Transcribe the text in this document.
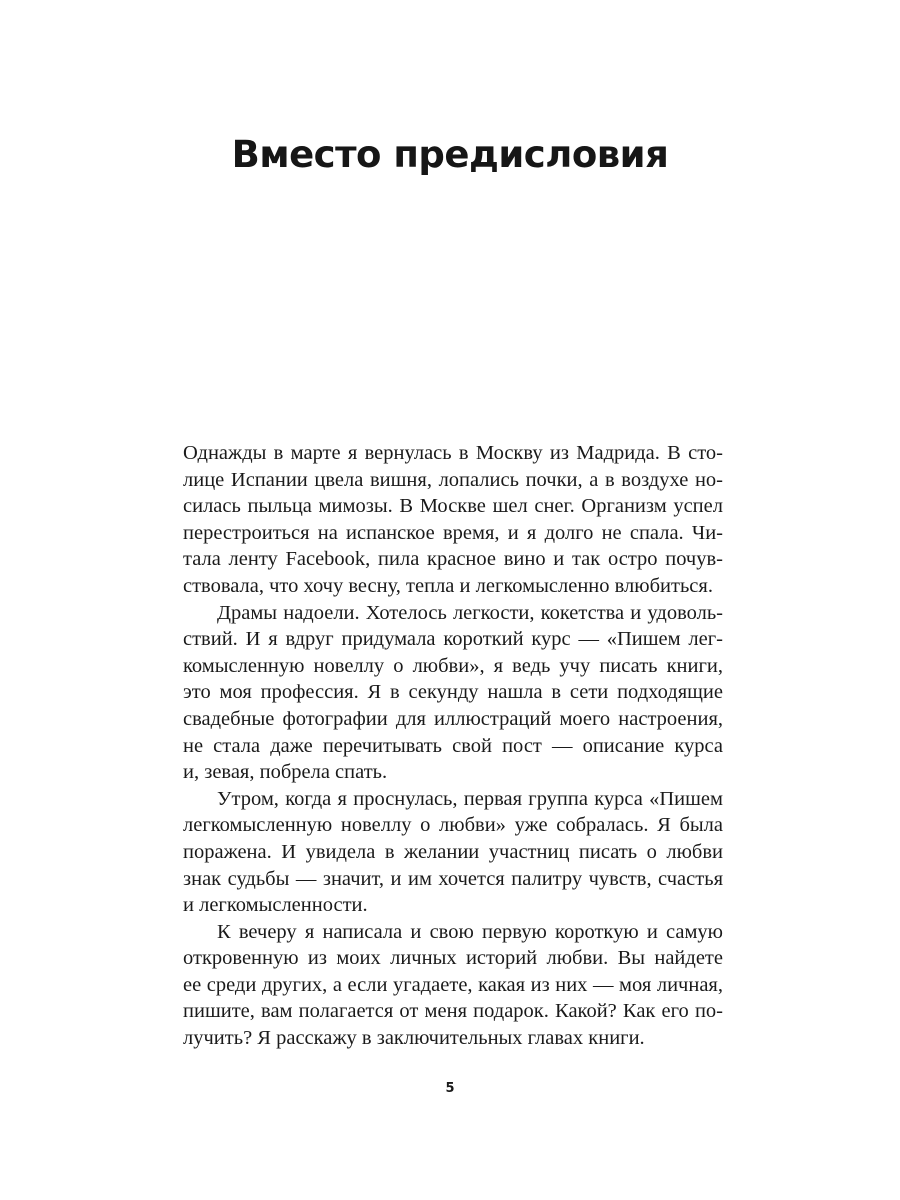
Вместо предисловия
Однажды в марте я вернулась в Москву из Мадрида. В сто-
лице Испании цвела вишня, лопались почки, а в воздухе но-
силась пыльца мимозы. В Москве шел снег. Организм успел
перестроиться на испанское время, и я долго не спала. Чи-
тала ленту Facebook, пила красное вино и так остро почув-
ствовала, что хочу весну, тепла и легкомысленно влюбиться.
Драмы надоели. Хотелось легкости, кокетства и удоволь-
ствий. И я вдруг придумала короткий курс — «Пишем лег-
комысленную новеллу о любви», я ведь учу писать книги,
это моя профессия. Я в секунду нашла в сети подходящие
свадебные фотографии для иллюстраций моего настроения,
не стала даже перечитывать свой пост — описание курса
и, зевая, побрела спать.
Утром, когда я проснулась, первая группа курса «Пишем
легкомысленную новеллу о любви» уже собралась. Я была
поражена. И увидела в желании участниц писать о любви
знак судьбы — значит, и им хочется палитру чувств, счастья
и легкомысленности.
К вечеру я написала и свою первую короткую и самую
откровенную из моих личных историй любви. Вы найдете
ее среди других, а если угадаете, какая из них — моя личная,
пишите, вам полагается от меня подарок. Какой? Как его по-
лучить? Я расскажу в заключительных главах книги.
5
